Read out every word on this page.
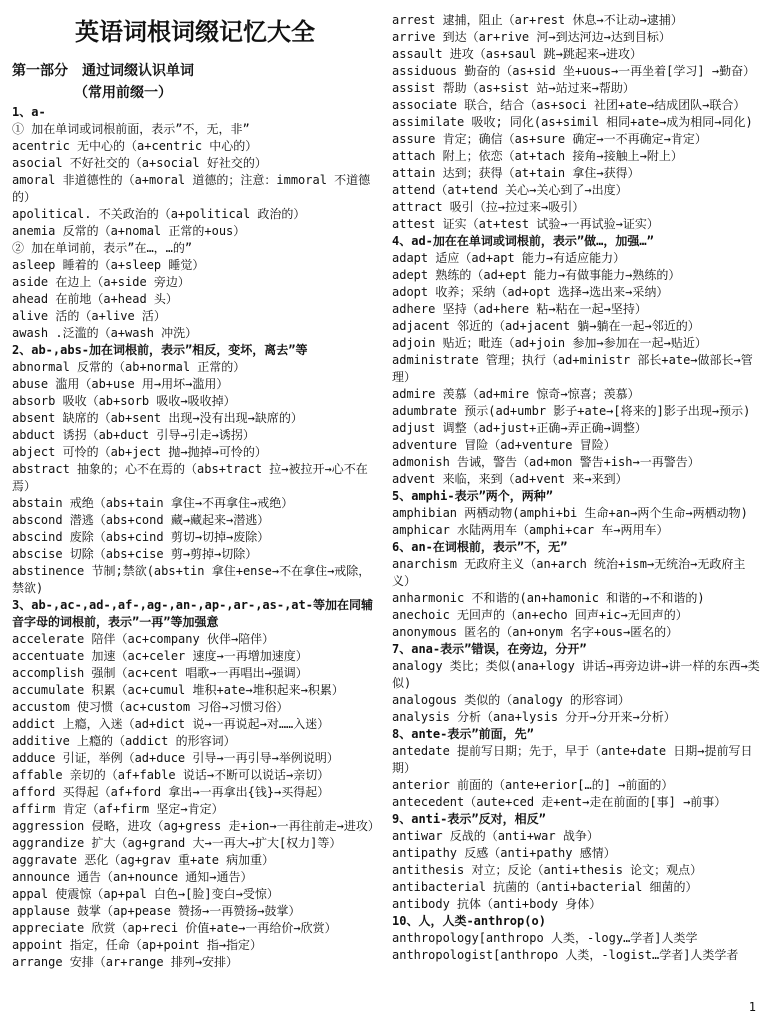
英语词根词缀记忆大全
第一部分　通过词缀认识单词
（常用前缀一）
1、a-
① 加在单词或词根前面，表示”不，无，非”
acentric 无中心的（a+centric 中心的）
asocial 不好社交的（a+social 好社交的）
amoral 非道德性的（a+moral 道德的；注意：immoral 不道德的）
apolitical. 不关政治的（a+political 政治的）
anemia 反常的（a+nomal 正常的+ous）
② 加在单词前，表示”在…，…的”
asleep 睡着的（a+sleep 睡觉）
aside 在边上（a+side 旁边）
ahead 在前地（a+head 头）
alive 活的（a+live 活）
awash .泛滥的（a+wash 冲洗）
2、ab-,abs-加在词根前，表示”相反，变坏，离去”等
abnormal 反常的（ab+normal 正常的）
abuse 滥用（ab+use 用→用坏→滥用）
absorb 吸收（ab+sorb 吸收→吸收掉）
absent 缺席的（ab+sent 出现→没有出现→缺席的）
abduct 诱拐（ab+duct 引导→引走→诱拐）
abject 可怜的（ab+ject 抛→抛掉→可怜的）
abstract 抽象的；心不在焉的（abs+tract 拉→被拉开→心不在焉）
abstain 戒绝（abs+tain 拿住→不再拿住→戒绝）
abscond 潜逃（abs+cond 藏→藏起来→潜逃）
abscind 废除（abs+cind 剪切→切掉→废除）
abscise 切除（abs+cise 剪→剪掉→切除）
abstinence 节制;禁欲(abs+tin 拿住+ense→不在拿住→戒除，禁欲)
3、ab-,ac-,ad-,af-,ag-,an-,ap-,ar-,as-,at-等加在同辅音字母的词根前，表示”一再”等加强意
accelerate 陪伴（ac+company 伙伴→陪伴）
accentuate 加速（ac+celer 速度→一再增加速度）
accomplish 强制（ac+cent 唱歌→一再唱出→强调）
accumulate 积累（ac+cumul 堆积+ate→堆积起来→积累）
accustom 使习惯（ac+custom 习俗→习惯习俗）
addict 上瘾，入迷（ad+dict 说→一再说起→对……入迷）
additive 上瘾的（addict 的形容词）
adduce 引证，举例（ad+duce 引导→一再引导→举例说明）
affable 亲切的（af+fable 说话→不断可以说话→亲切）
afford 买得起（af+ford 拿出→一再拿出{钱}→买得起）
affirm 肯定（af+firm 坚定→肯定）
aggression 侵略，进攻（ag+gress 走+ion→一再往前走→进攻）
aggrandize 扩大（ag+grand 大→一再大→扩大[权力]等）
aggravate 恶化（ag+grav 重+ate 病加重）
announce 通告（an+nounce 通知→通告）
appal 使震惊（ap+pal 白色→[脸]变白→受惊）
applause 鼓掌（ap+pease 赞扬→一再赞扬→鼓掌）
appreciate 欣赏（ap+reci 价值+ate→一再给价→欣赏）
appoint 指定，任命（ap+point 指→指定）
arrange 安排（ar+range 排列→安排）
arrest 逮捕，阻止（ar+rest 休息→不让动→逮捕）
arrive 到达（ar+rive 河→到达河边→达到目标）
assault 进攻（as+saul 跳→跳起来→进攻）
assiduous 勤奋的（as+sid 坐+uous→一再坐着[学习] →勤奋）
assist 帮助（as+sist 站→站过来→帮助）
associate 联合，结合（as+soci 社团+ate→结成团队→联合）
assimilate 吸收; 同化(as+simil 相同+ate→成为相同→同化)
assure 肯定；确信（as+sure 确定→一不再确定→肯定）
attach 附上；依恋（at+tach 接角→接触上→附上）
attain 达到；获得（at+tain 拿住→获得）
attend（at+tend 关心→关心到了→出度）
attract 吸引（拉→拉过来→吸引）
attest 证实（at+test 试验→一再试验→证实）
4、ad-加在在单词或词根前，表示”做…，加强…”
adapt 适应（ad+apt 能力→有适应能力）
adept 熟练的（ad+ept 能力→有做事能力→熟练的）
adopt 收养；采纳（ad+opt 选择→选出来→采纳）
adhere 坚持（ad+here 粘→粘在一起→坚持）
adjacent 邻近的（ad+jacent 躺→躺在一起→邻近的）
adjoin 贴近；毗连（ad+join 参加→参加在一起→贴近）
administrate 管理；执行（ad+ministr 部长+ate→做部长→管理）
admire 羡慕（ad+mire 惊奇→惊喜；羡慕）
adumbrate 预示(ad+umbr 影子+ate→[将来的]影子出现→预示)
adjust 调整（ad+just+正确→弄正确→调整）
adventure 冒险（ad+venture 冒险）
admonish 告诫，警告（ad+mon 警告+ish→一再警告）
advent 来临，来到（ad+vent 来→来到）
5、amphi-表示”两个，两种”
amphibian 两栖动物(amphi+bi 生命+an→两个生命→两栖动物)
amphicar 水陆两用车（amphi+car 车→两用车）
6、an-在词根前，表示”不，无”
anarchism 无政府主义（an+arch 统治+ism→无统治→无政府主义）
anharmonic 不和谐的(an+hamonic 和谐的→不和谐的)
anechoic 无回声的（an+echo 回声+ic→无回声的）
anonymous 匿名的（an+onym 名字+ous→匿名的）
7、ana-表示”错误，在旁边，分开”
analogy 类比；类似(ana+logy 讲话→再旁边讲→讲一样的东西→类似)
analogous 类似的（analogy 的形容词）
analysis 分析（ana+lysis 分开→分开来→分析）
8、ante-表示”前面，先”
antedate 提前写日期；先于，早于（ante+date 日期→提前写日期）
anterior 前面的（ante+erior[…的] →前面的）
antecedent（aute+ced 走+ent→走在前面的[事] →前事）
9、anti-表示”反对，相反”
antiwar 反战的（anti+war 战争）
antipathy 反感（anti+pathy 感情）
antithesis 对立；反论（anti+thesis 论文；观点）
antibacterial 抗菌的（anti+bacterial 细菌的）
antibody 抗体（anti+body 身体）
10、人，人类-anthrop(o)
anthropology[anthropo 人类，-logy…学者]人类学
anthropologist[anthropo 人类，-logist…学者]人类学者
1
